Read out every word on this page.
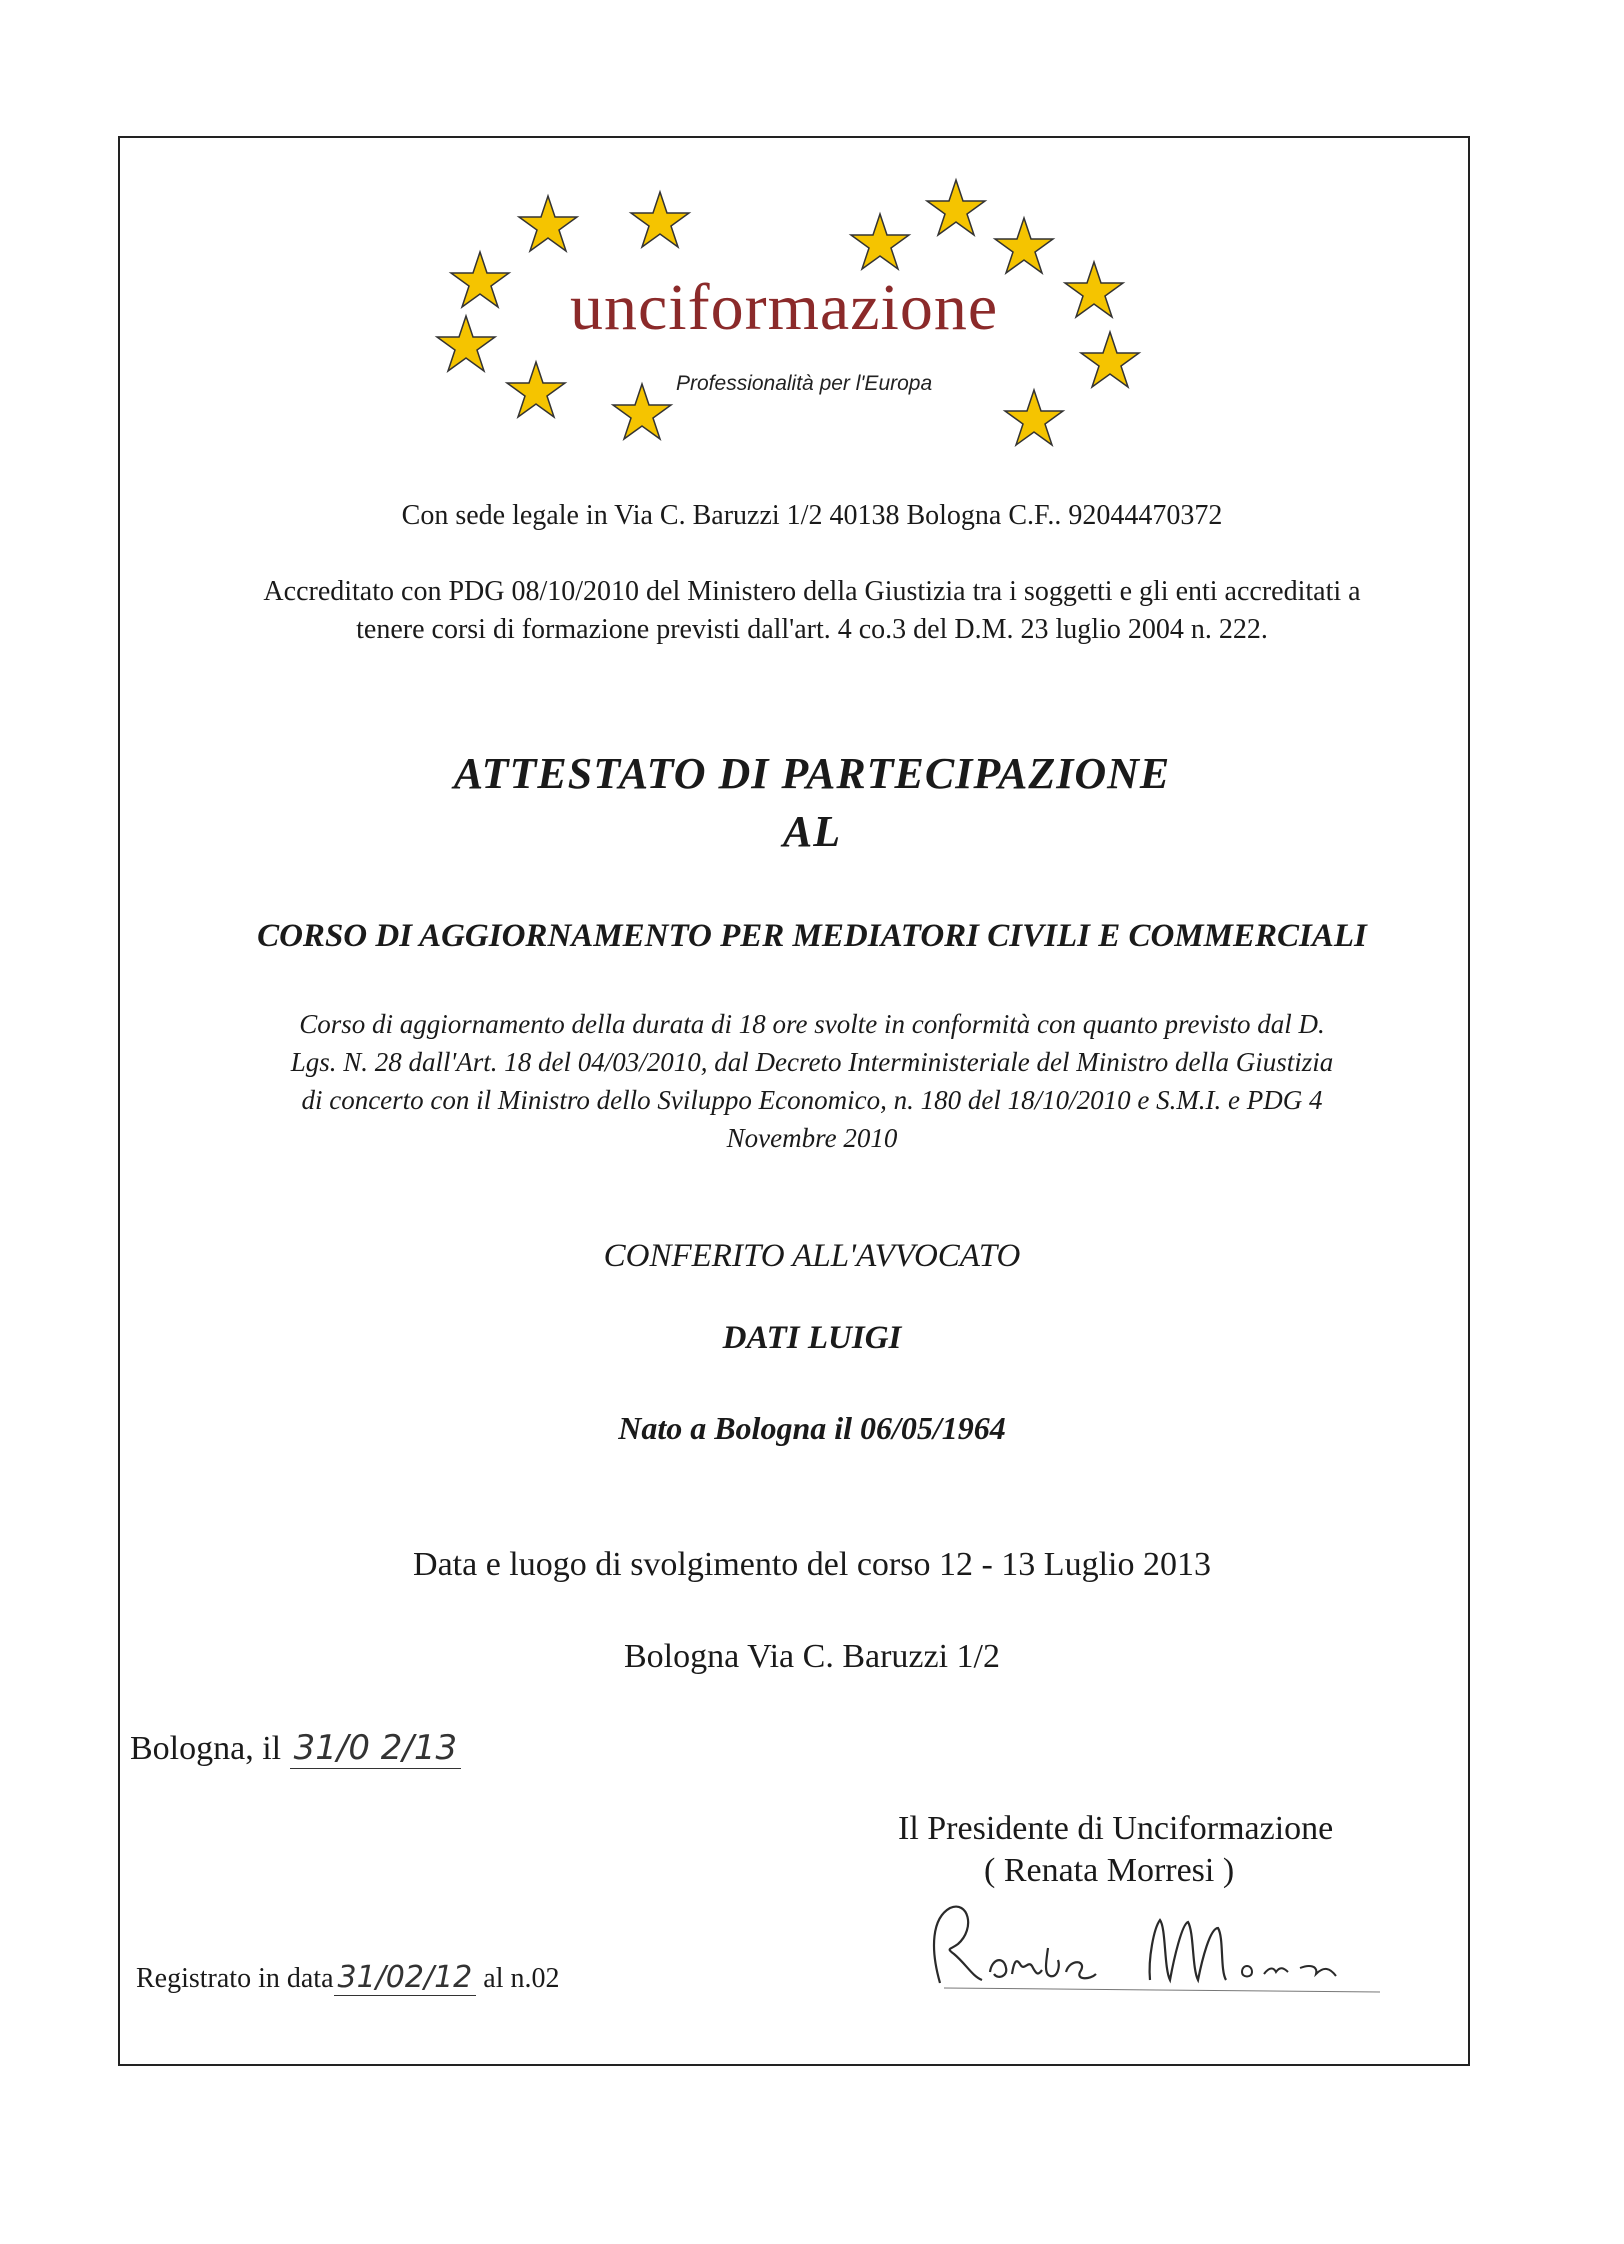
unciformazione
Professionalità per l'Europa
Con sede legale in Via C. Baruzzi 1/2 40138 Bologna C.F.. 92044470372
Accreditato con PDG 08/10/2010 del Ministero della Giustizia tra i soggetti e gli enti accreditati a
tenere corsi di formazione previsti dall'art. 4 co.3 del D.M. 23 luglio 2004 n. 222.
ATTESTATO DI PARTECIPAZIONE
AL
CORSO DI AGGIORNAMENTO PER MEDIATORI CIVILI E COMMERCIALI
Corso di aggiornamento della durata di 18 ore svolte in conformità con quanto previsto dal D.
Lgs. N. 28 dall'Art. 18 del 04/03/2010, dal Decreto Interministeriale del Ministro della Giustizia
di concerto con il Ministro dello Sviluppo Economico, n. 180 del 18/10/2010 e S.M.I. e PDG 4
Novembre 2010
CONFERITO ALL'AVVOCATO
DATI LUIGI
Nato a Bologna il 06/05/1964
Data e luogo di svolgimento del corso 12 - 13 Luglio 2013
Bologna Via C. Baruzzi 1/2
Bologna, il 31/0 2/13
Il Presidente di Unciformazione
( Renata Morresi )
Registrato in data 31/02/12 al n.02
